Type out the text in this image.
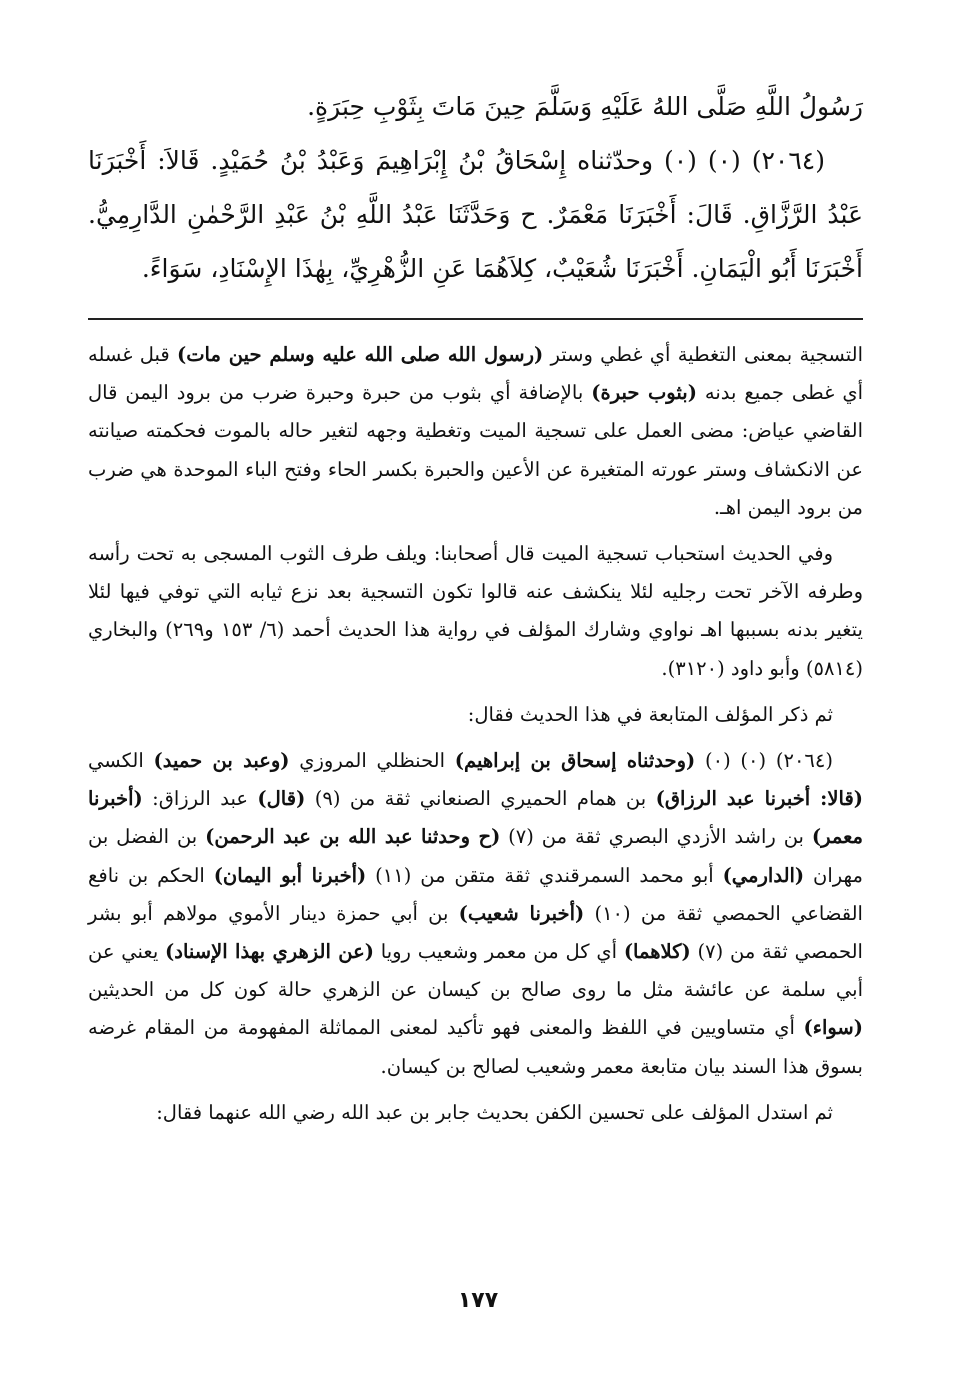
رَسُولُ اللَّهِ صَلَّى اللهُ عَلَيْهِ وَسَلَّمَ حِينَ مَاتَ بِثَوْبِ حِبَرَةٍ.

(٢٠٦٤) (٠) (٠) وحدّثناه إِسْحَاقُ بْنُ إِبْرَاهِيمَ وَعَبْدُ بْنُ حُمَيْدٍ. قَالاَ: أَخْبَرَنَا عَبْدُ الرَّزَّاقِ. قَالَ: أَخْبَرَنَا مَعْمَرٌ. ح وَحَدَّثَنَا عَبْدُ اللَّهِ بْنُ عَبْدِ الرَّحْمٰنِ الدَّارِمِيُّ. أَخْبَرَنَا أَبُو الْيَمَانِ. أَخْبَرَنَا شُعَيْبٌ، كِلاَهُمَا عَنِ الزُّهْرِيِّ، بِهٰذَا الإِسْنَادِ، سَوَاءً.

التسجية بمعنى التغطية أي غطي وستر (رسول الله صلى الله عليه وسلم حين مات) قبل غسله أي غطى جميع بدنه (بثوب حبرة) بالإضافة أي بثوب من حبرة وحبرة ضرب من برود اليمن قال القاضي عياض: مضى العمل على تسجية الميت وتغطية وجهه لتغير حاله بالموت فحكمته صيانته عن الانكشاف وستر عورته المتغيرة عن الأعين والحبرة بكسر الحاء وفتح الباء الموحدة هي ضرب من برود اليمن اهـ.

وفي الحديث استحباب تسجية الميت قال أصحابنا: ويلف طرف الثوب المسجى به تحت رأسه وطرفه الآخر تحت رجليه لئلا ينكشف عنه قالوا تكون التسجية بعد نزع ثيابه التي توفي فيها لئلا يتغير بدنه بسببها اهـ نواوي وشارك المؤلف في رواية هذا الحديث أحمد (٦/ ١٥٣ و٢٦٩) والبخاري (٥٨١٤) وأبو داود (٣١٢٠).

ثم ذكر المؤلف المتابعة في هذا الحديث فقال:

(٢٠٦٤) (٠) (٠) (وحدثناه إسحاق بن إبراهيم) الحنظلي المروزي (وعبد بن حميد) الكسي (قالا: أخبرنا عبد الرزاق) بن همام الحميري الصنعاني ثقة من (٩) (قال) عبد الرزاق: (أخبرنا معمر) بن راشد الأزدي البصري ثقة من (٧) (ح وحدثنا عبد الله بن عبد الرحمن) بن الفضل بن مهران (الدارمي) أبو محمد السمرقندي ثقة متقن من (١١) (أخبرنا أبو اليمان) الحكم بن نافع القضاعي الحمصي ثقة من (١٠) (أخبرنا شعيب) بن أبي حمزة دينار الأموي مولاهم أبو بشر الحمصي ثقة من (٧) (كلاهما) أي كل من معمر وشعيب رويا (عن الزهري بهذا الإسناد) يعني عن أبي سلمة عن عائشة مثل ما روى صالح بن كيسان عن الزهري حالة كون كل من الحديثين (سواء) أي متساويين في اللفظ والمعنى فهو تأكيد لمعنى المماثلة المفهومة من المقام غرضه بسوق هذا السند بيان متابعة معمر وشعيب لصالح بن كيسان.

ثم استدل المؤلف على تحسين الكفن بحديث جابر بن عبد الله رضي الله عنهما فقال:

١٧٧
